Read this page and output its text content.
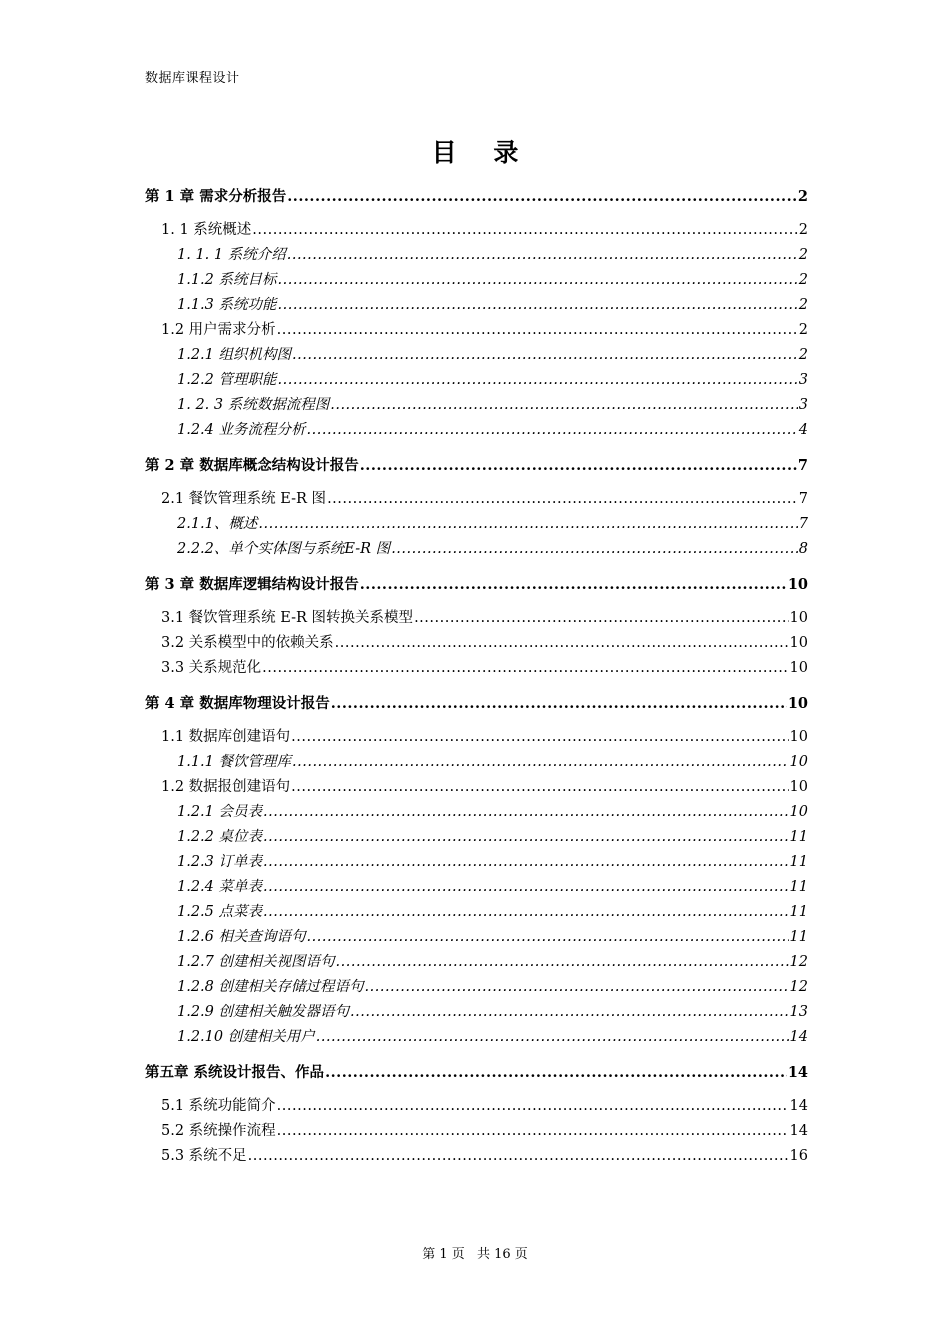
数据库课程设计
目 录
第 1 章 需求分析报告 .....	2
1. 1 系统概述 .....	2
1. 1. 1 系统介绍 .....	2
1.1.2 系统目标 .....	2
1.1.3 系统功能 .....	2
1.2 用户需求分析 .....	2
1.2.1 组织机构图 .....	2
1.2.2 管理职能 .....	3
1. 2. 3 系统数据流程图 .....	3
1.2.4 业务流程分析 .....	4
第 2 章 数据库概念结构设计报告 .....	7
2.1 餐饮管理系统 E-R 图 .....	7
2.1.1、概述 .....	7
2.2.2、单个实体图与系统E-R 图 .....	8
第 3 章 数据库逻辑结构设计报告 .....	10
3.1 餐饮管理系统 E-R 图转换关系模型 .....	10
3.2 关系模型中的依赖关系 .....	10
3.3 关系规范化 .....	10
第 4 章 数据库物理设计报告 .....	10
1.1 数据库创建语句 .....	10
1.1.1 餐饮管理库 .....	10
1.2 数据报创建语句 .....	10
1.2.1 会员表 .....	10
1.2.2 桌位表 .....	11
1.2.3 订单表 .....	11
1.2.4 菜单表 .....	11
1.2.5 点菜表 .....	11
1.2.6 相关查询语句 .....	11
1.2.7 创建相关视图语句 .....	12
1.2.8 创建相关存储过程语句 .....	12
1.2.9 创建相关触发器语句 .....	13
1.2.10 创建相关用户 .....	14
第五章 系统设计报告、作品 .....	14
5.1 系统功能简介 .....	14
5.2 系统操作流程 .....	14
5.3 系统不足 .....	16
第 1 页 共 16 页
